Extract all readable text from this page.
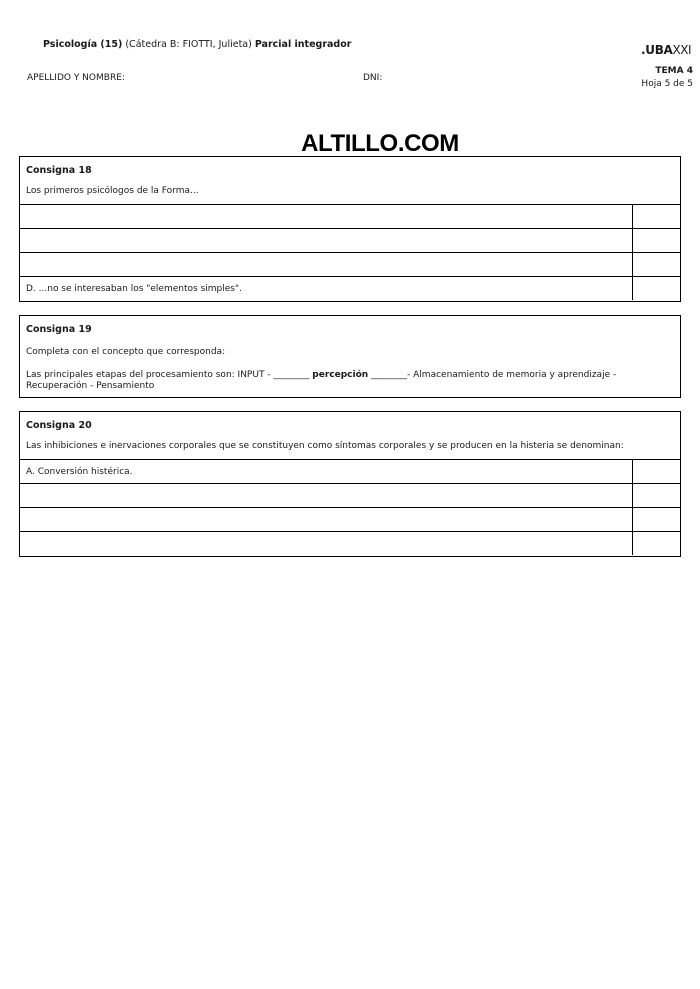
Psicología (15) (Cátedra B: FIOTTI, Julieta) Parcial integrador	.UBAXXI
APELLIDO Y NOMBRE:	DNI:
TEMA 4
Hoja 5 de 5
ALTILLO.COM
Consigna 18
Los primeros psicólogos de la Forma...
D. ...no se interesaban los "elementos simples".
Consigna 19
Completa con el concepto que corresponda:
Las principales etapas del procesamiento son: INPUT - ________ percepción ________- Almacenamiento de memoria y aprendizaje - Recuperación - Pensamiento
Consigna 20
Las inhibiciones e inervaciones corporales que se constituyen como síntomas corporales y se producen en la histeria se denominan:
A. Conversión histérica.
